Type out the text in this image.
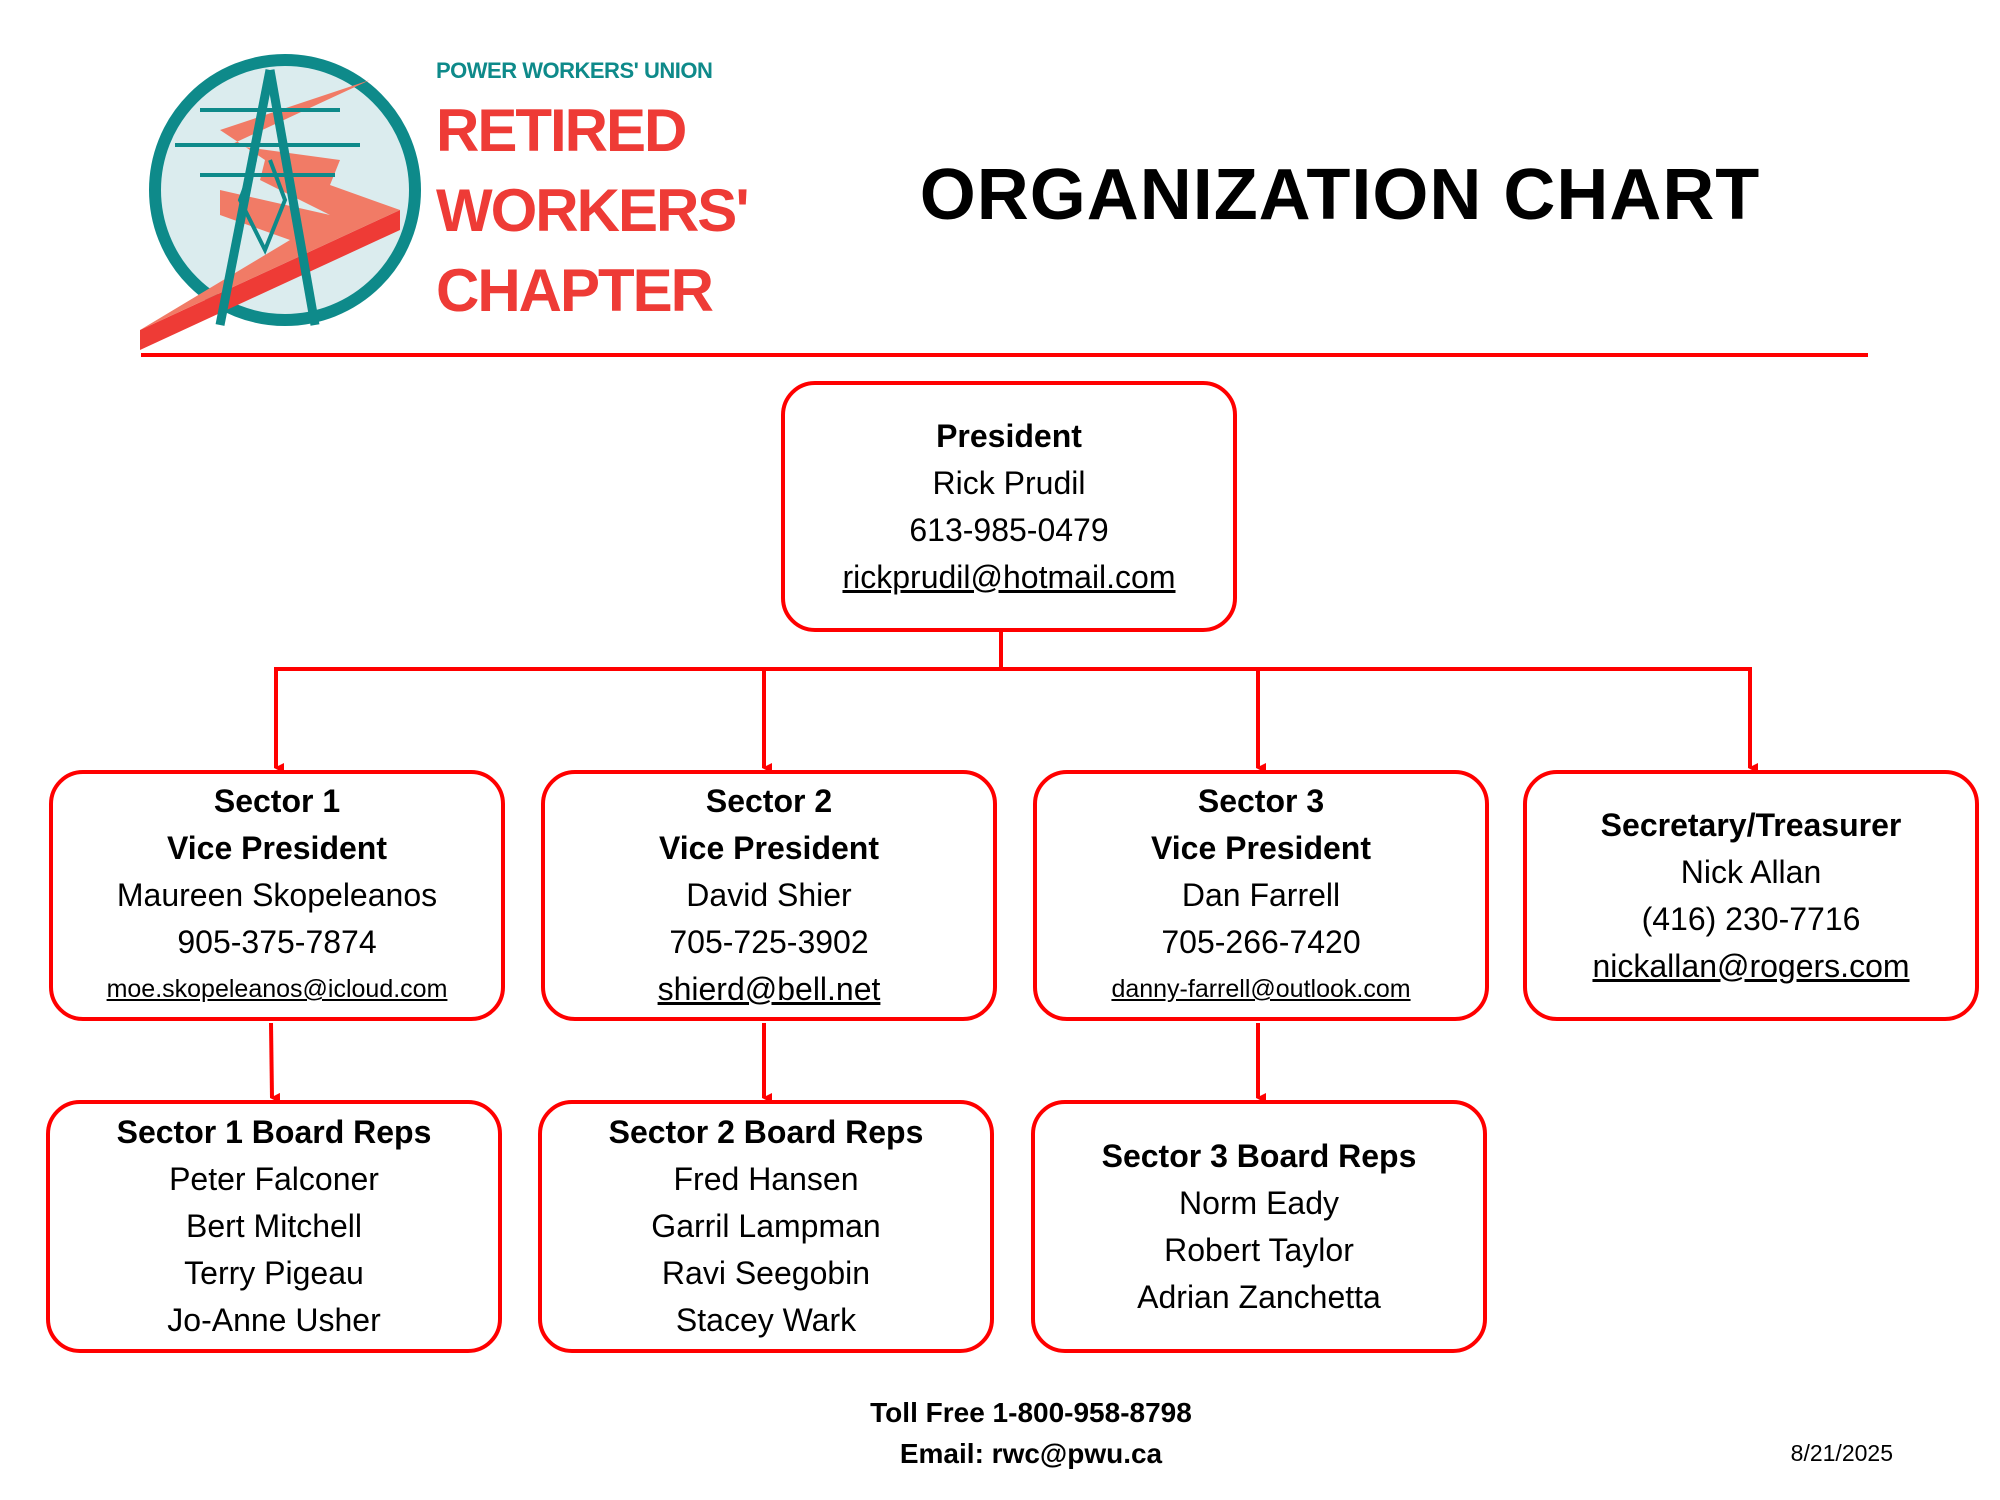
POWER WORKERS' UNION
RETIRED
WORKERS'
CHAPTER
ORGANIZATION CHART
President
Rick Prudil
613-985-0479
rickprudil@hotmail.com
Sector 1
Vice President
Maureen Skopeleanos
905-375-7874
moe.skopeleanos@icloud.com
Sector 2
Vice President
David Shier
705-725-3902
shierd@bell.net
Sector 3
Vice President
Dan Farrell
705-266-7420
danny-farrell@outlook.com
Secretary/Treasurer
Nick Allan
(416) 230-7716
nickallan@rogers.com
Sector 1 Board Reps
Peter Falconer
Bert Mitchell
Terry Pigeau
Jo-Anne Usher
Sector 2 Board Reps
Fred Hansen
Garril Lampman
Ravi Seegobin
Stacey Wark
Sector 3 Board Reps
Norm Eady
Robert Taylor
Adrian Zanchetta
Toll Free 1-800-958-8798
Email: rwc@pwu.ca	8/21/2025
